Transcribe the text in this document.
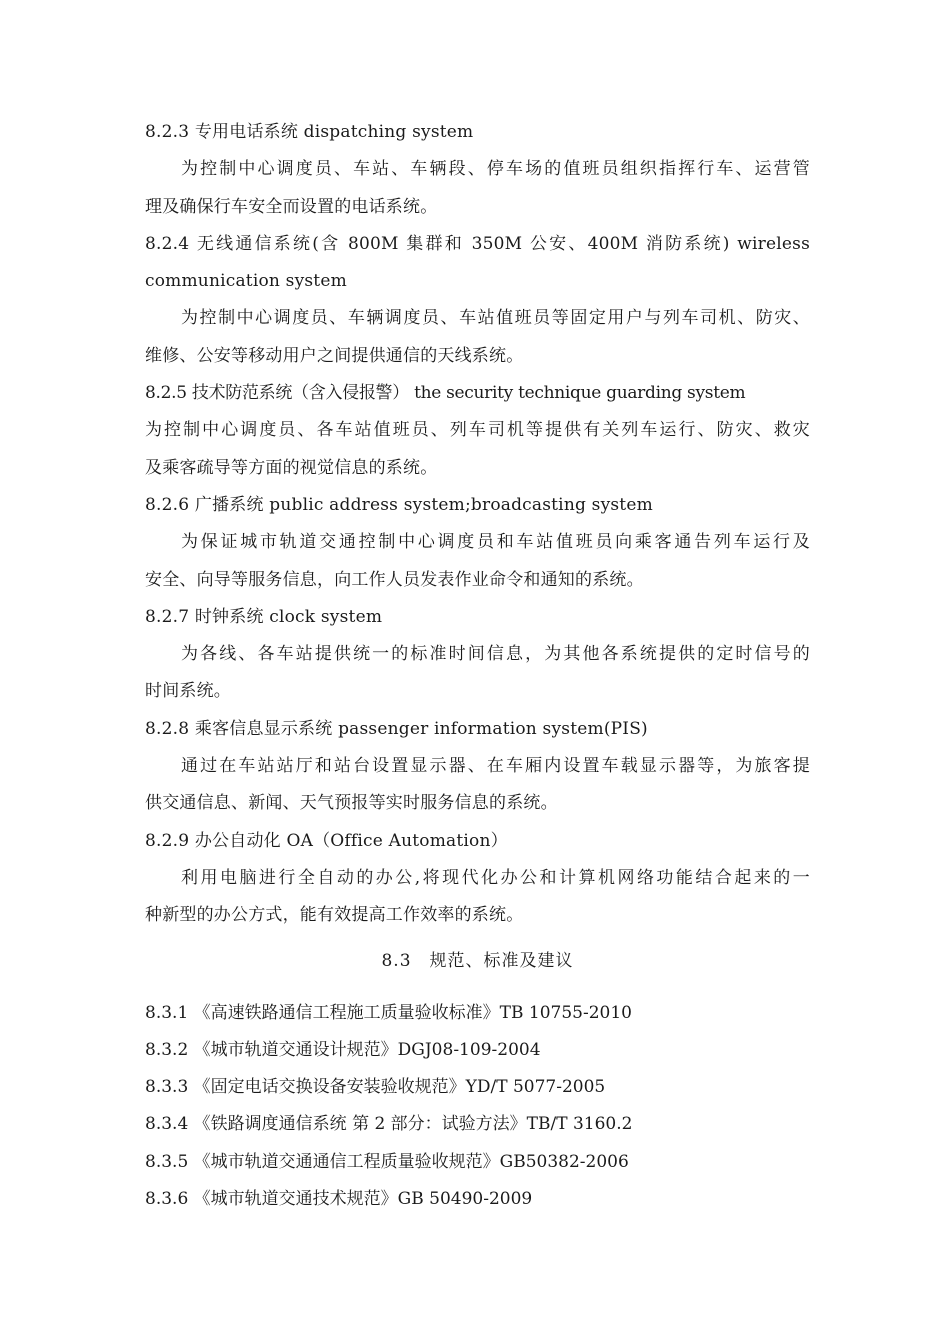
8.2.3 专用电话系统 dispatching system
为控制中心调度员、车站、车辆段、停车场的值班员组织指挥行车、运营管
理及确保行车安全而设置的电话系统。
8.2.4 无线通信系统(含 800M 集群和 350M 公安、400M 消防系统) wireless
communication system
为控制中心调度员、车辆调度员、车站值班员等固定用户与列车司机、防灾、
维修、公安等移动用户之间提供通信的天线系统。
8.2.5 技术防范系统（含入侵报警） the security technique guarding system
为控制中心调度员、各车站值班员、列车司机等提供有关列车运行、防灾、救灾
及乘客疏导等方面的视觉信息的系统。
8.2.6 广播系统 public address system;broadcasting system
为保证城市轨道交通控制中心调度员和车站值班员向乘客通告列车运行及
安全、向导等服务信息，向工作人员发表作业命令和通知的系统。
8.2.7 时钟系统 clock system
为各线、各车站提供统一的标准时间信息，为其他各系统提供的定时信号的
时间系统。
8.2.8 乘客信息显示系统 passenger information system(PIS)
通过在车站站厅和站台设置显示器、在车厢内设置车载显示器等，为旅客提
供交通信息、新闻、天气预报等实时服务信息的系统。
8.2.9 办公自动化 OA（Office Automation）
利用电脑进行全自动的办公,将现代化办公和计算机网络功能结合起来的一
种新型的办公方式，能有效提高工作效率的系统。
8.3　规范、标准及建议
8.3.1 《高速铁路通信工程施工质量验收标准》TB 10755-2010
8.3.2 《城市轨道交通设计规范》DGJ08-109-2004
8.3.3 《固定电话交换设备安装验收规范》YD/T 5077-2005
8.3.4 《铁路调度通信系统 第 2 部分：试验方法》TB/T 3160.2
8.3.5 《城市轨道交通通信工程质量验收规范》GB50382-2006
8.3.6 《城市轨道交通技术规范》GB 50490-2009
